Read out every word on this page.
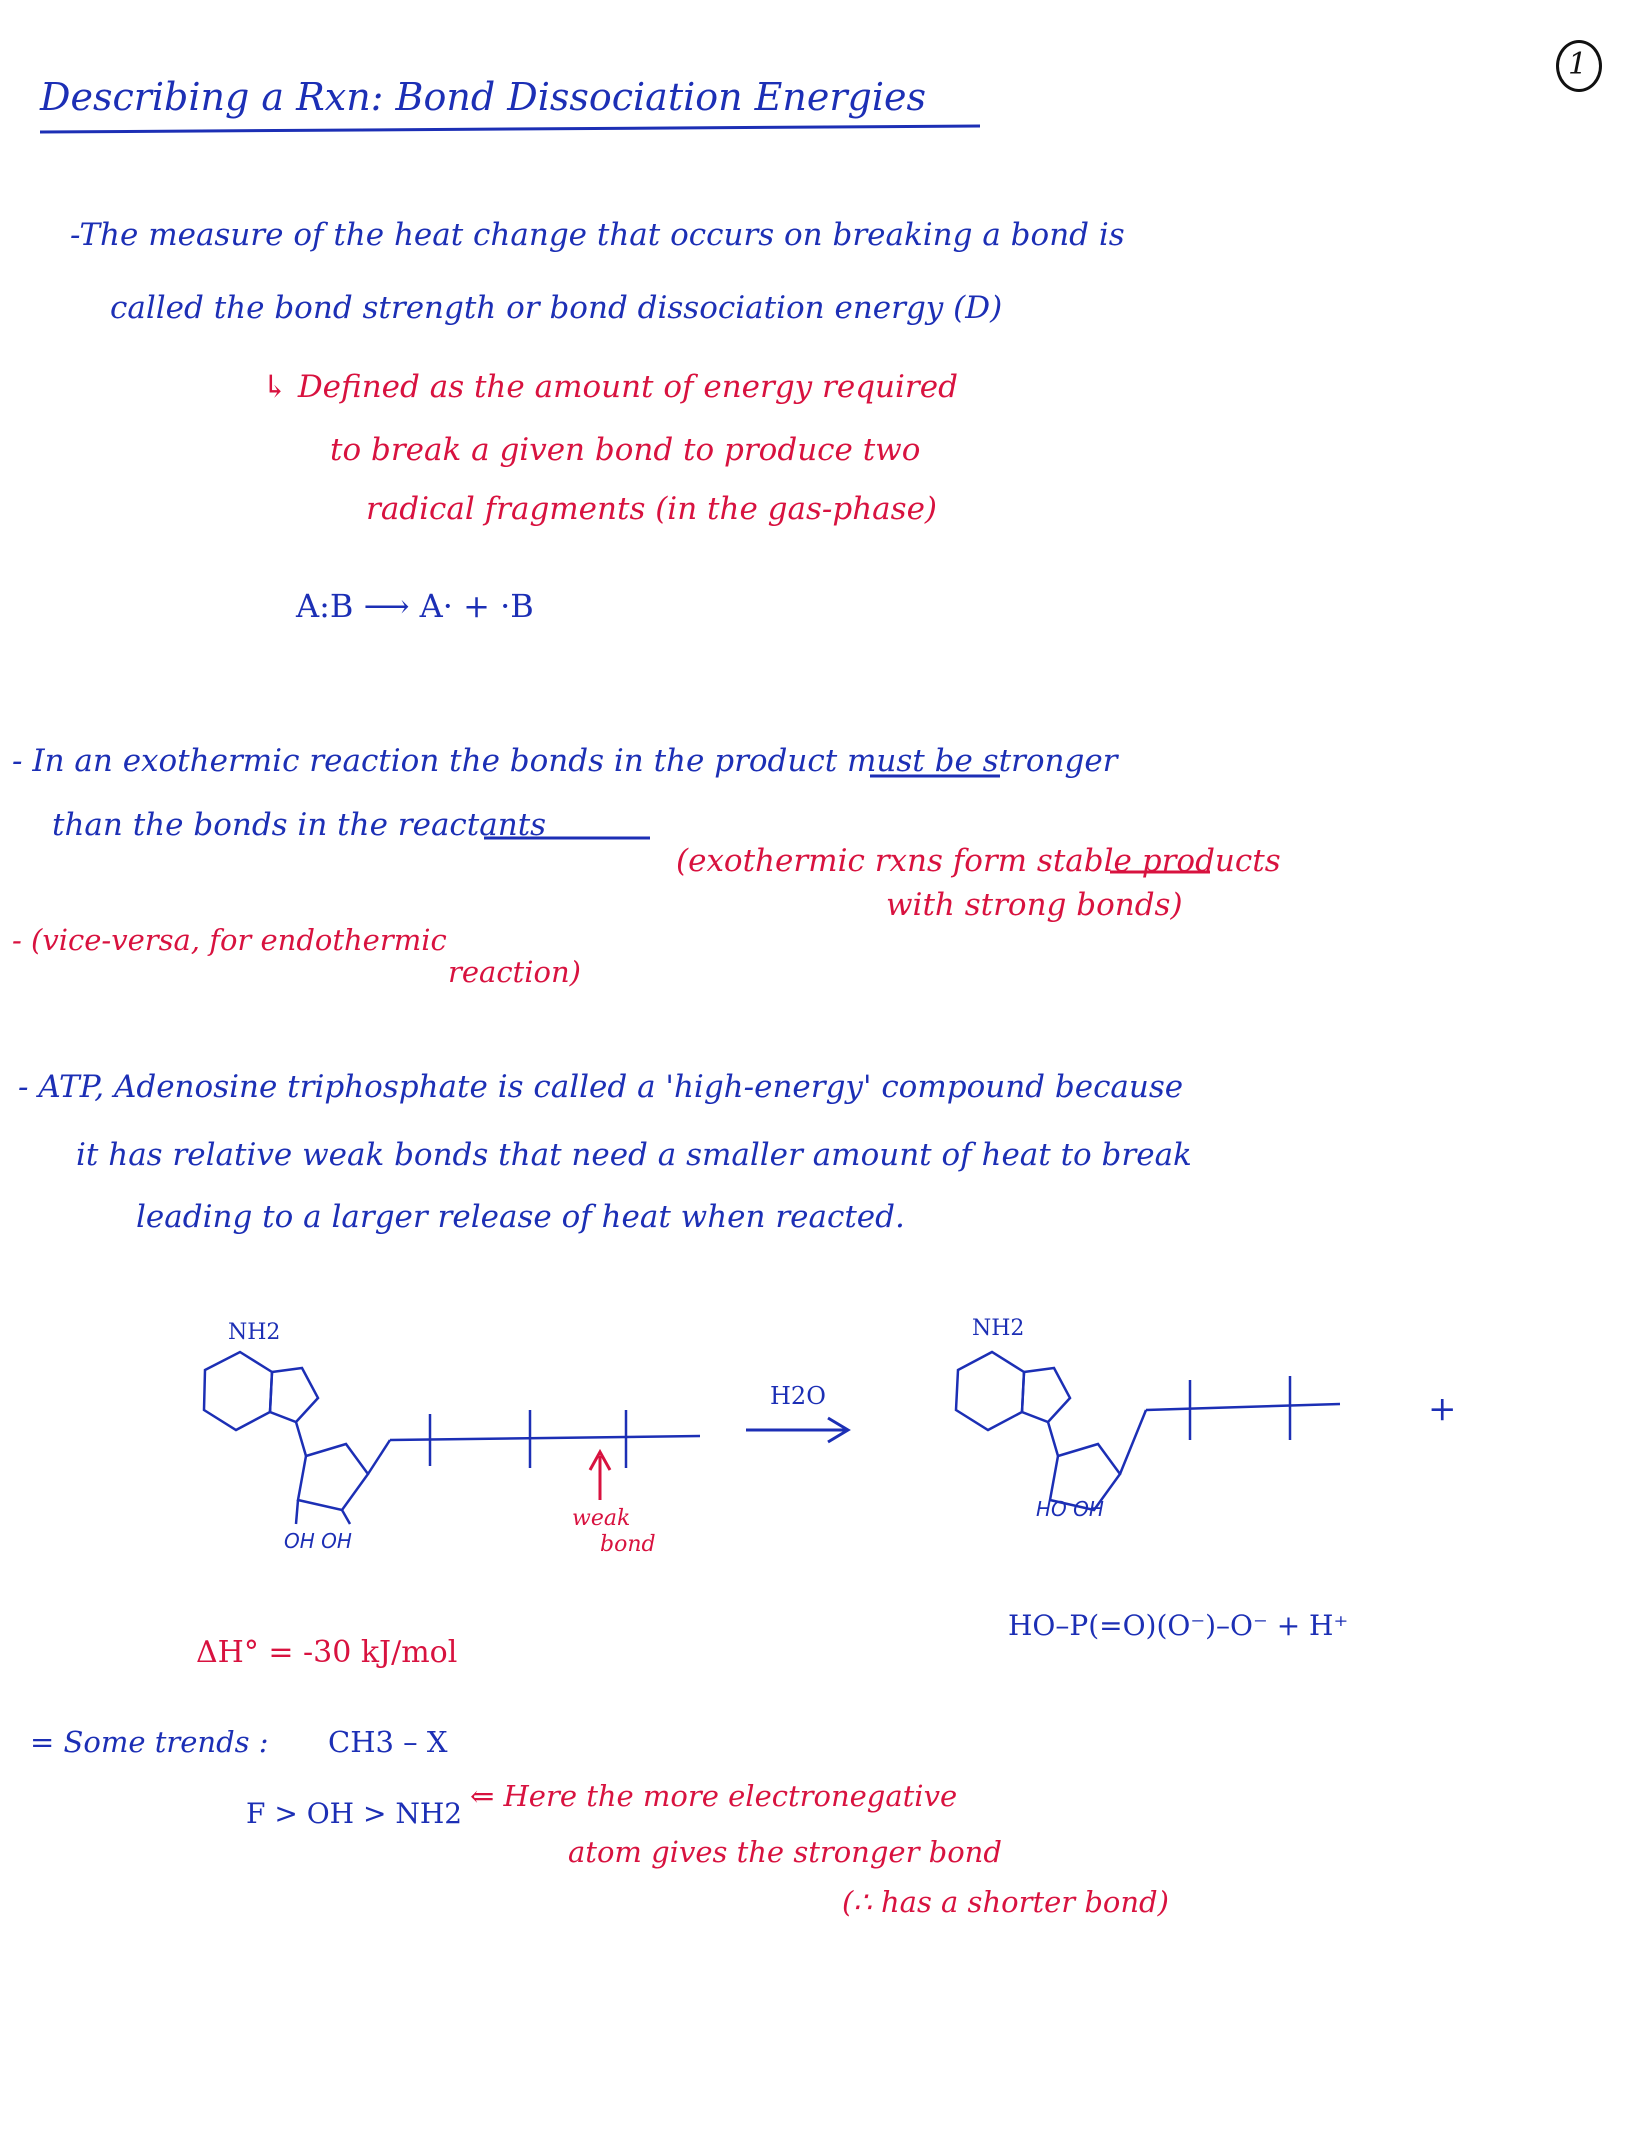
Describing a Rxn: Bond Dissociation Energies
1
-The measure of the heat change that occurs on breaking a bond is
called the bond strength or bond dissociation energy (D)
↳ Defined as the amount of energy required
to break a given bond to produce two
radical fragments (in the gas-phase)
A:B ⟶ A· + ·B
- In an exothermic reaction the bonds in the product must be stronger
than the bonds in the reactants
(exothermic rxns form stable products
with strong bonds)
- (vice-versa, for endothermic
reaction)
- ATP, Adenosine triphosphate is called a 'high-energy' compound because
it has relative weak bonds that need a smaller amount of heat to break
leading to a larger release of heat when reacted.
OH OH
HO OH
NH2	NH2
H2O
weak
bond
+
HO–P(=O)(O⁻)–O⁻ + H⁺
ΔH° = -30 kJ/mol
= Some trends : CH3 – X
F > OH > NH2
⇐ Here the more electronegative
atom gives the stronger bond
(∴ has a shorter bond)
